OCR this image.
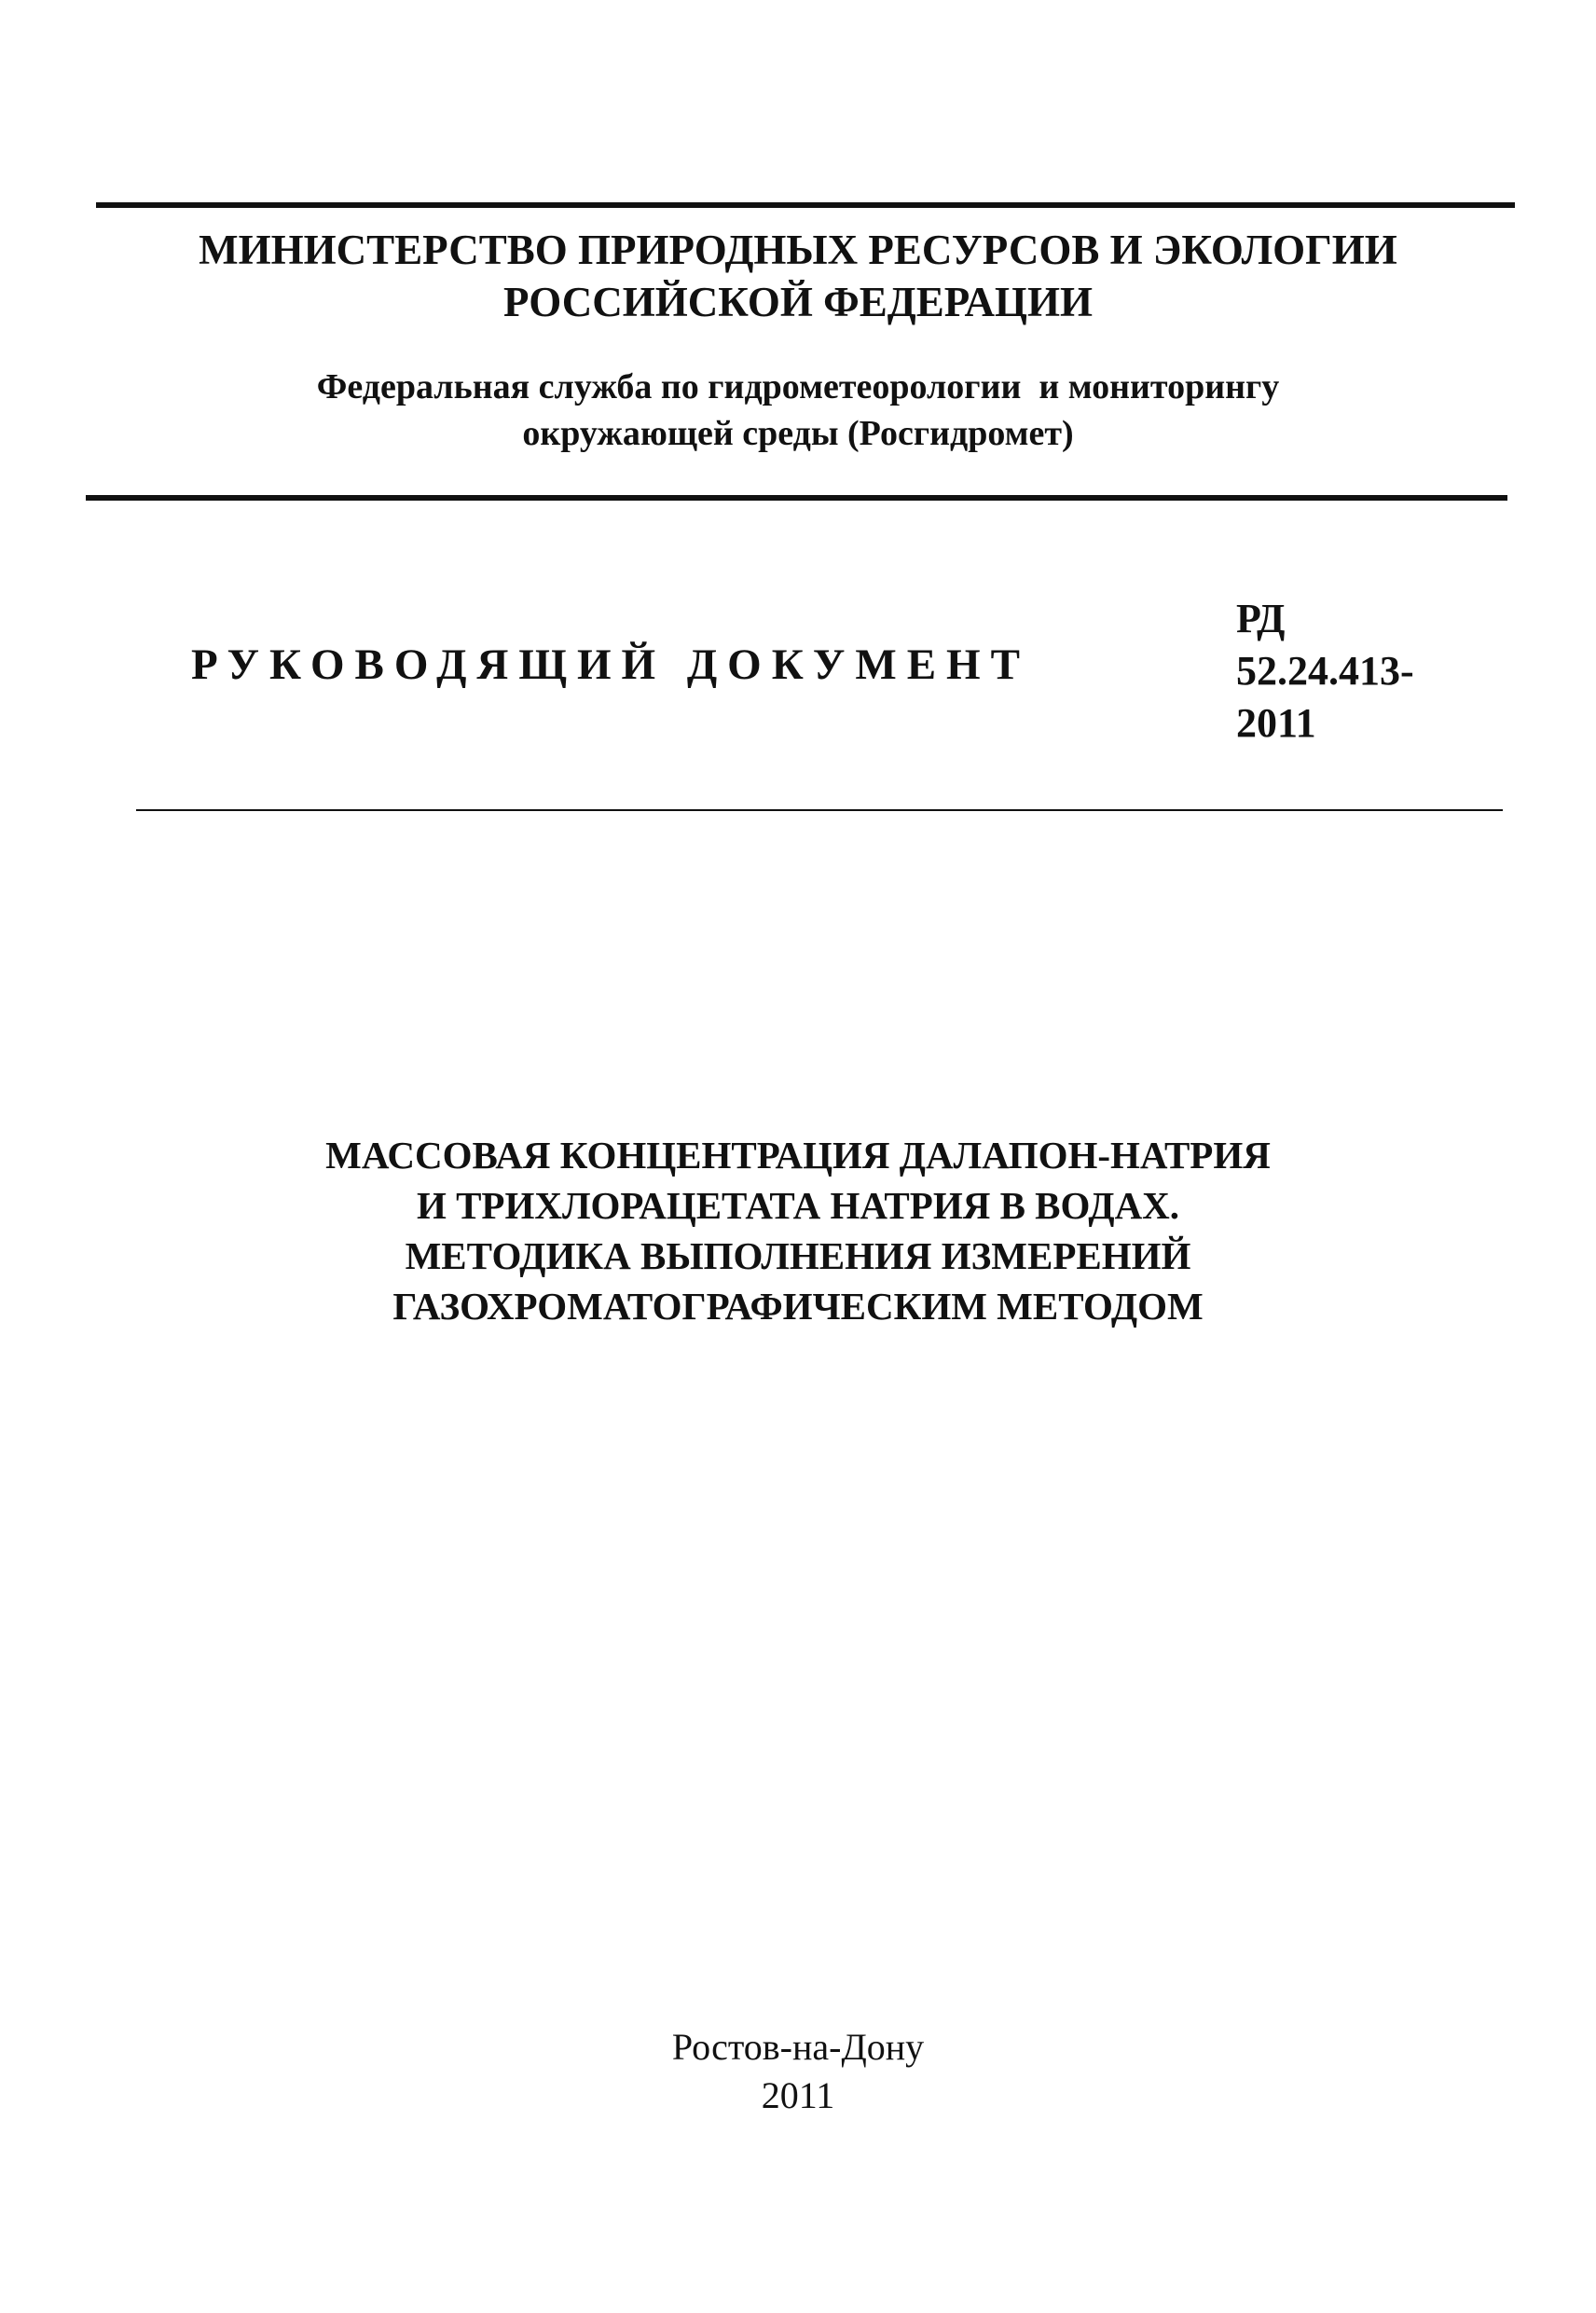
МИНИСТЕРСТВО ПРИРОДНЫХ РЕСУРСОВ И ЭКОЛОГИИ
РОССИЙСКОЙ ФЕДЕРАЦИИ
Федеральная служба по гидрометеорологии  и мониторингу
окружающей среды (Росгидромет)
РУКОВОДЯЩИЙ ДОКУМЕНТ
РД
52.24.413-
2011
МАССОВАЯ КОНЦЕНТРАЦИЯ ДАЛАПОН-НАТРИЯ
И ТРИХЛОРАЦЕТАТА НАТРИЯ В ВОДАХ.
МЕТОДИКА ВЫПОЛНЕНИЯ ИЗМЕРЕНИЙ
ГАЗОХРОМАТОГРАФИЧЕСКИМ МЕТОДОМ
Ростов-на-Дону
2011
